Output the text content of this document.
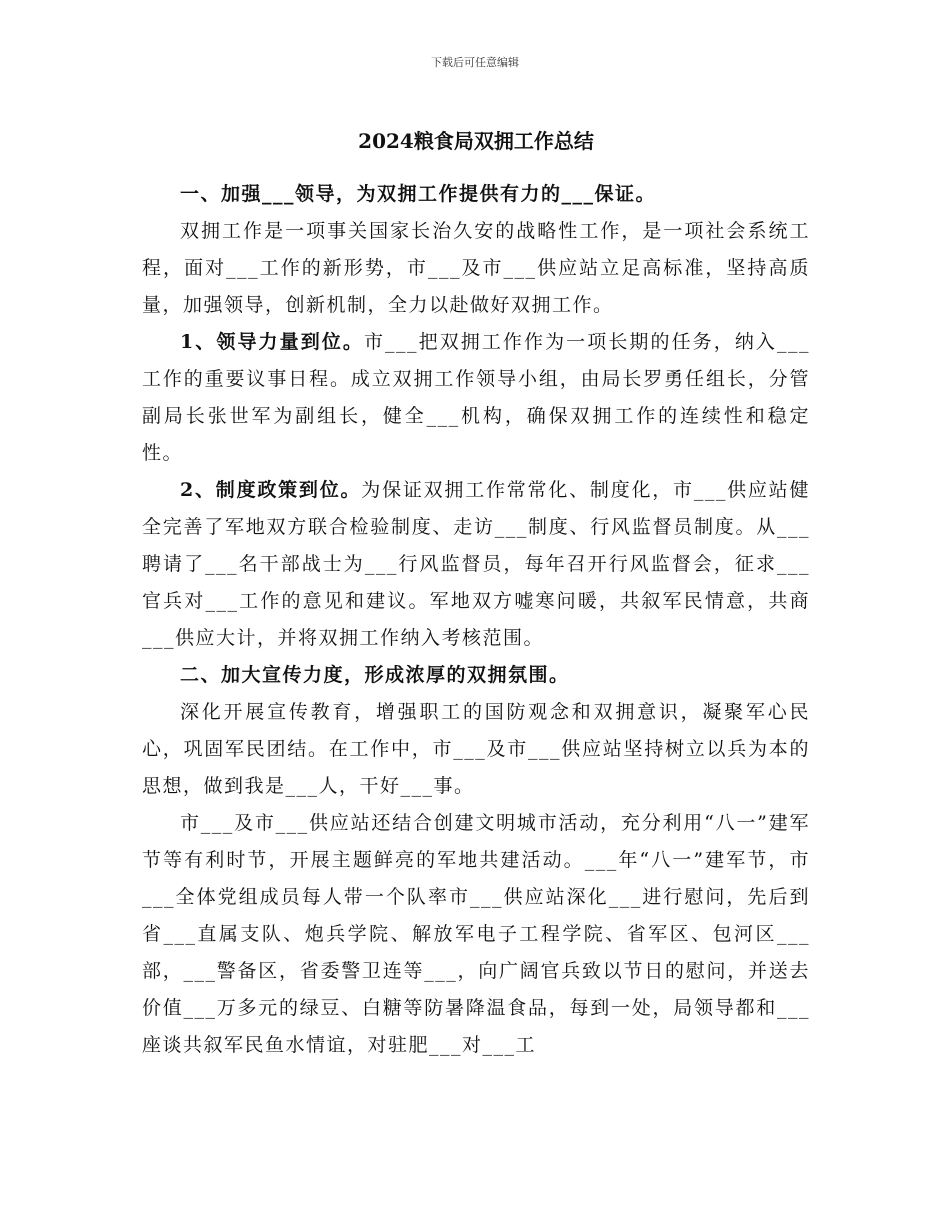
下载后可任意编辑
2024粮食局双拥工作总结

一、加强___领导，为双拥工作提供有力的___保证。

双拥工作是一项事关国家长治久安的战略性工作，是一项社会系统工程，面对___工作的新形势，市___及市___供应站立足高标准，坚持高质量，加强领导，创新机制，全力以赴做好双拥工作。

1、领导力量到位。市___把双拥工作作为一项长期的任务，纳入___工作的重要议事日程。成立双拥工作领导小组，由局长罗勇任组长，分管副局长张世军为副组长，健全___机构，确保双拥工作的连续性和稳定性。

2、制度政策到位。为保证双拥工作常常化、制度化，市___供应站健全完善了军地双方联合检验制度、走访___制度、行风监督员制度。从___聘请了___名干部战士为___行风监督员，每年召开行风监督会，征求___官兵对___工作的意见和建议。军地双方嘘寒问暖，共叙军民情意，共商___供应大计，并将双拥工作纳入考核范围。

二、加大宣传力度，形成浓厚的双拥氛围。

深化开展宣传教育，增强职工的国防观念和双拥意识，凝聚军心民心，巩固军民团结。在工作中，市___及市___供应站坚持树立以兵为本的思想，做到我是___人，干好___事。

市___及市___供应站还结合创建文明城市活动，充分利用“八一”建军节等有利时节，开展主题鲜亮的军地共建活动。___年“八一”建军节，市___全体党组成员每人带一个队率市___供应站深化___进行慰问，先后到省___直属支队、炮兵学院、解放军电子工程学院、省军区、包河区___部，___警备区，省委警卫连等___，向广阔官兵致以节日的慰问，并送去价值___万多元的绿豆、白糖等防暑降温食品，每到一处，局领导都和___座谈共叙军民鱼水情谊，对驻肥___对___工
